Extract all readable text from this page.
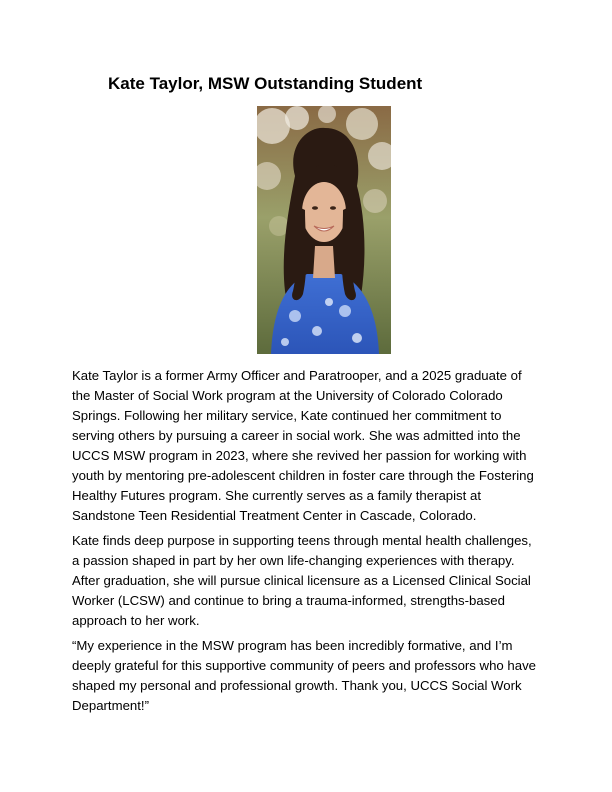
Kate Taylor, MSW Outstanding Student

Kate Taylor is a former Army Officer and Paratrooper, and a 2025 graduate of the Master of Social Work program at the University of Colorado Colorado Springs. Following her military service, Kate continued her commitment to serving others by pursuing a career in social work. She was admitted into the UCCS MSW program in 2023, where she revived her passion for working with youth by mentoring pre-adolescent children in foster care through the Fostering Healthy Futures program. She currently serves as a family therapist at Sandstone Teen Residential Treatment Center in Cascade, Colorado.

Kate finds deep purpose in supporting teens through mental health challenges, a passion shaped in part by her own life-changing experiences with therapy. After graduation, she will pursue clinical licensure as a Licensed Clinical Social Worker (LCSW) and continue to bring a trauma-informed, strengths-based approach to her work.

“My experience in the MSW program has been incredibly formative, and I’m deeply grateful for this supportive community of peers and professors who have shaped my personal and professional growth. Thank you, UCCS Social Work Department!”
